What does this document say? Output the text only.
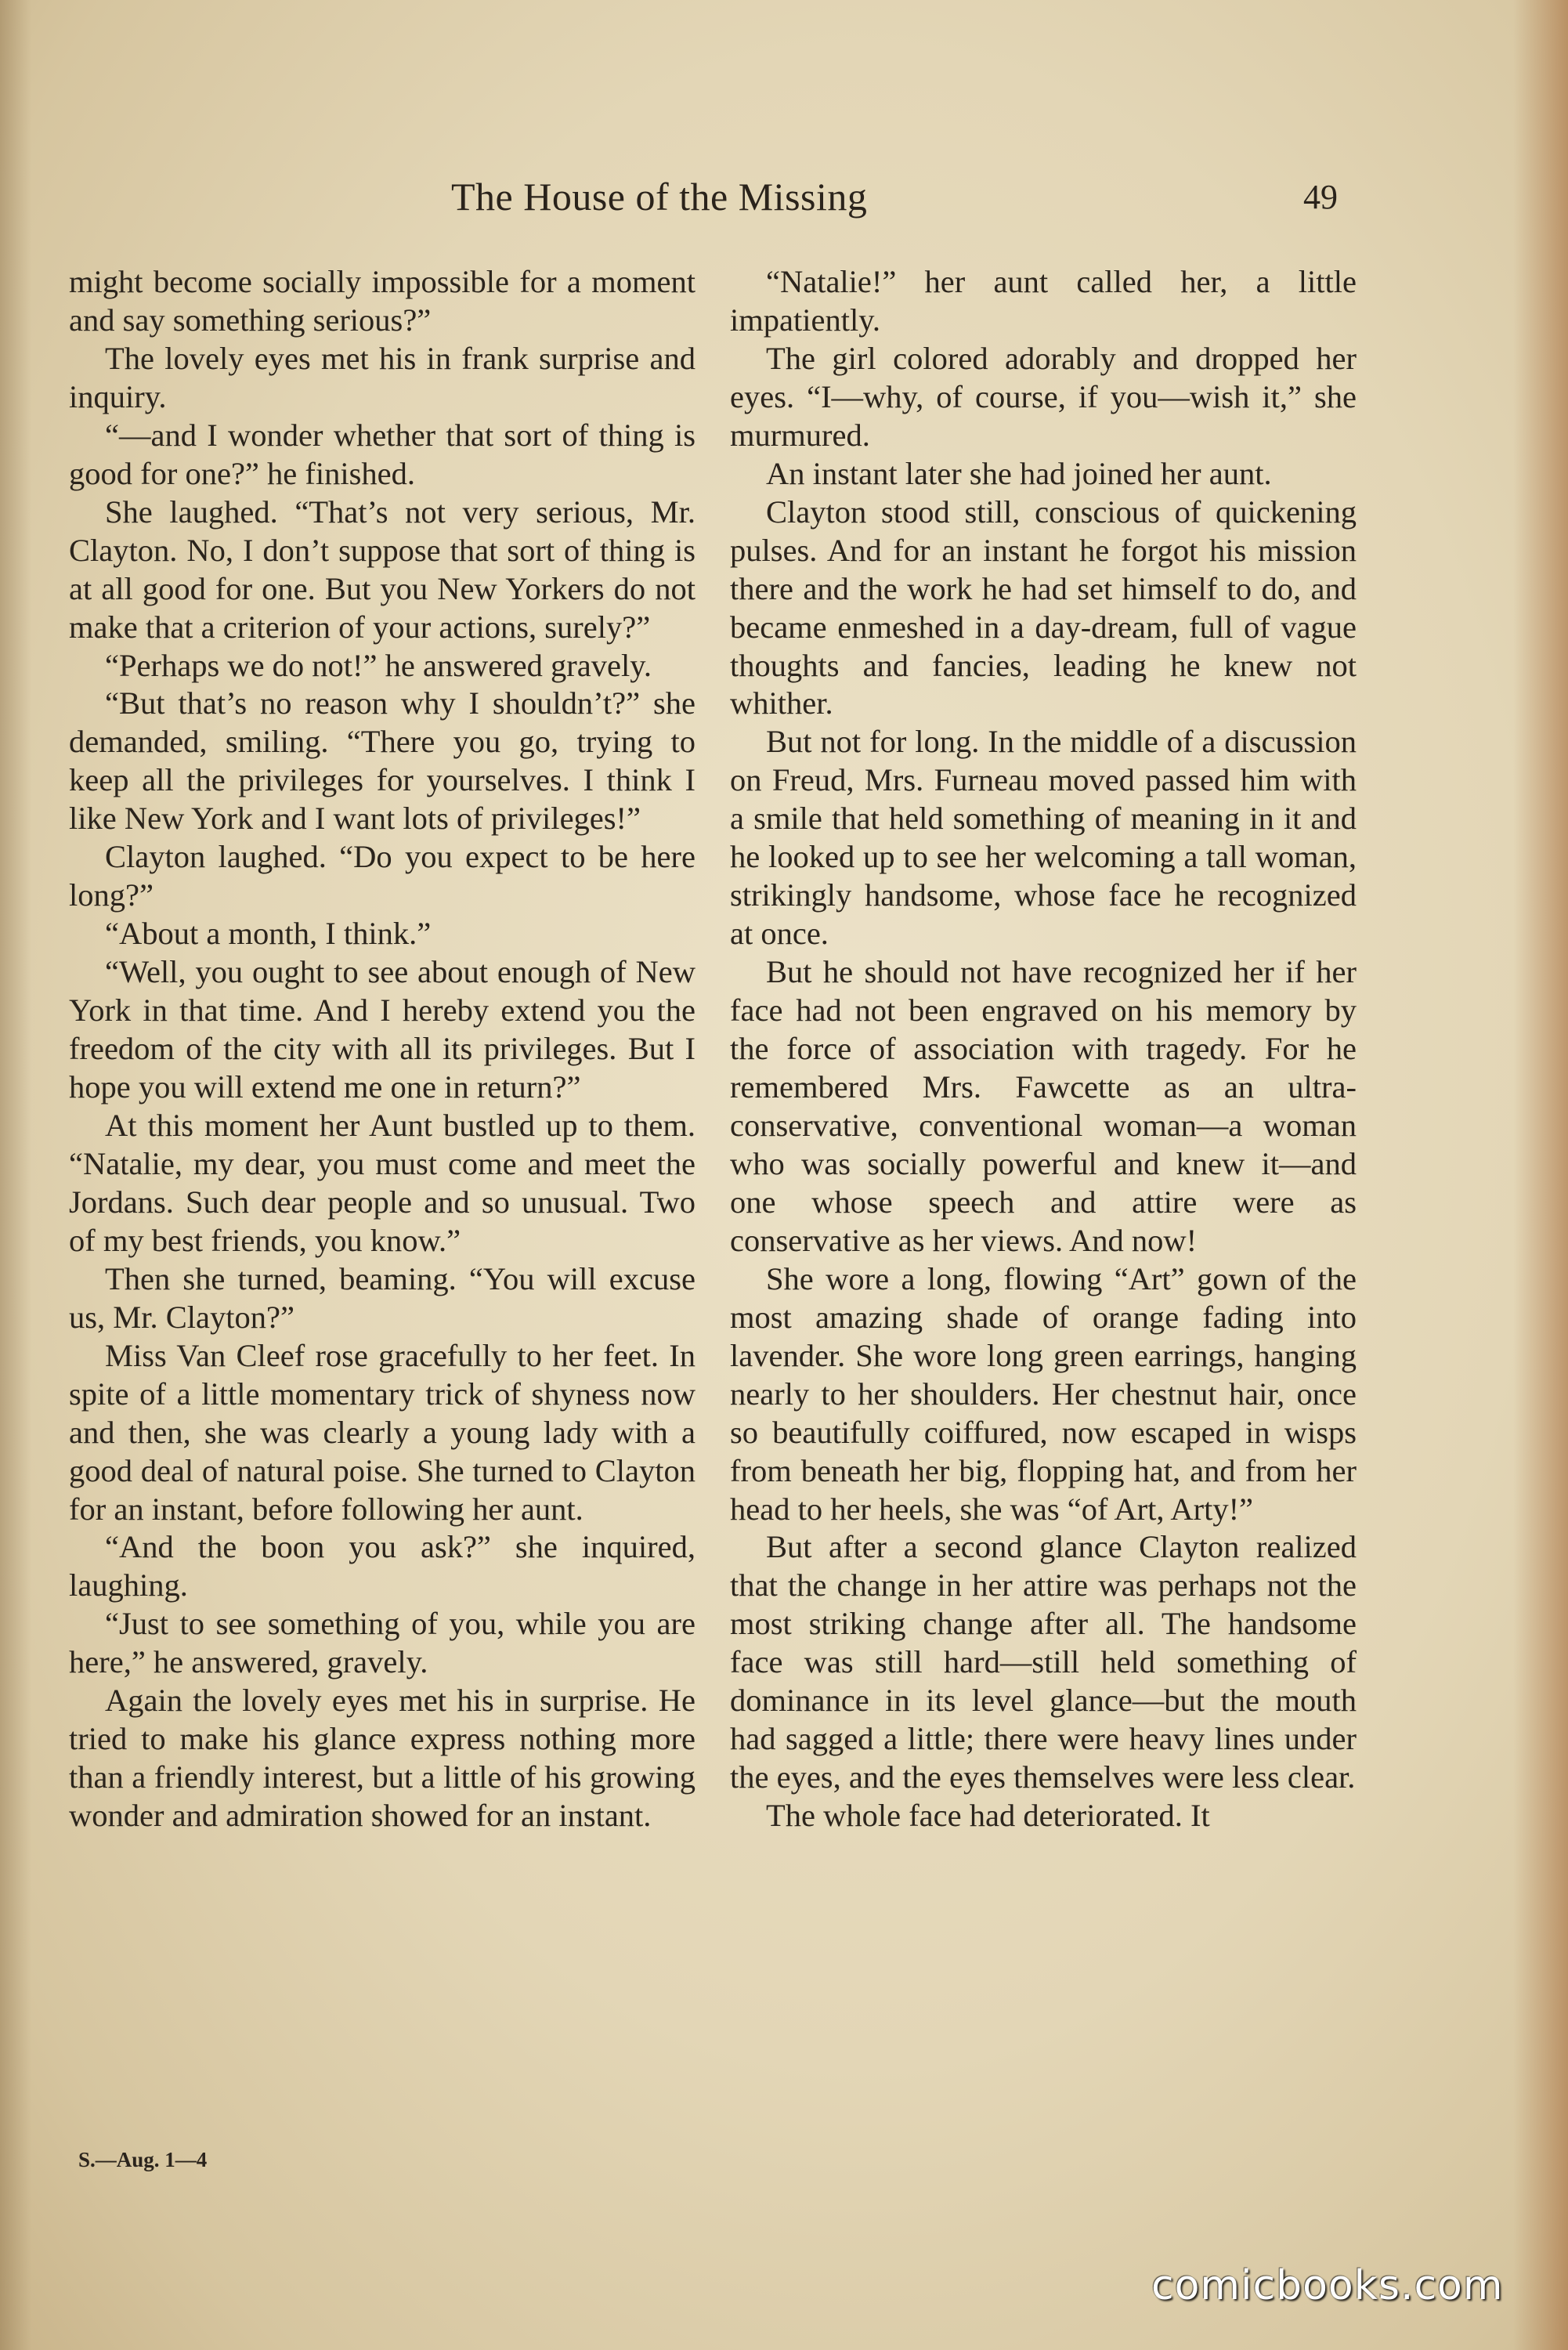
The House of the Missing	49

might become socially impossible for a moment and say something serious?”

The lovely eyes met his in frank surprise and inquiry.

“—and I wonder whether that sort of thing is good for one?” he finished.

She laughed. “That’s not very serious, Mr. Clayton. No, I don’t suppose that sort of thing is at all good for one. But you New Yorkers do not make that a criterion of your actions, surely?”

“Perhaps we do not!” he answered gravely.

“But that’s no reason why I shouldn’t?” she demanded, smiling. “There you go, trying to keep all the privileges for yourselves. I think I like New York and I want lots of privileges!”

Clayton laughed. “Do you expect to be here long?”

“About a month, I think.”

“Well, you ought to see about enough of New York in that time. And I hereby extend you the freedom of the city with all its privileges. But I hope you will extend me one in return?”

At this moment her Aunt bustled up to them. “Natalie, my dear, you must come and meet the Jordans. Such dear people and so unusual. Two of my best friends, you know.”

Then she turned, beaming. “You will excuse us, Mr. Clayton?”

Miss Van Cleef rose gracefully to her feet. In spite of a little momentary trick of shyness now and then, she was clearly a young lady with a good deal of natural poise. She turned to Clayton for an instant, before following her aunt.

“And the boon you ask?” she inquired, laughing.

“Just to see something of you, while you are here,” he answered, gravely.

Again the lovely eyes met his in surprise. He tried to make his glance express nothing more than a friendly interest, but a little of his growing wonder and admiration showed for an instant.

“Natalie!” her aunt called her, a little impatiently.

The girl colored adorably and dropped her eyes. “I—why, of course, if you—wish it,” she murmured.

An instant later she had joined her aunt.

Clayton stood still, conscious of quickening pulses. And for an instant he forgot his mission there and the work he had set himself to do, and became enmeshed in a day-dream, full of vague thoughts and fancies, leading he knew not whither.

But not for long. In the middle of a discussion on Freud, Mrs. Furneau moved passed him with a smile that held something of meaning in it and he looked up to see her welcoming a tall woman, strikingly handsome, whose face he recognized at once.

But he should not have recognized her if her face had not been engraved on his memory by the force of association with tragedy. For he remembered Mrs. Fawcette as an ultra-conservative, conventional woman—a woman who was socially powerful and knew it—and one whose speech and attire were as conservative as her views. And now!

She wore a long, flowing “Art” gown of the most amazing shade of orange fading into lavender. She wore long green earrings, hanging nearly to her shoulders. Her chestnut hair, once so beautifully coiffured, now escaped in wisps from beneath her big, flopping hat, and from her head to her heels, she was “of Art, Arty!”

But after a second glance Clayton realized that the change in her attire was perhaps not the most striking change after all. The handsome face was still hard—still held something of dominance in its level glance—but the mouth had sagged a little; there were heavy lines under the eyes, and the eyes themselves were less clear.

The whole face had deteriorated. It

S.—Aug. 1—4
comicbooks.com
